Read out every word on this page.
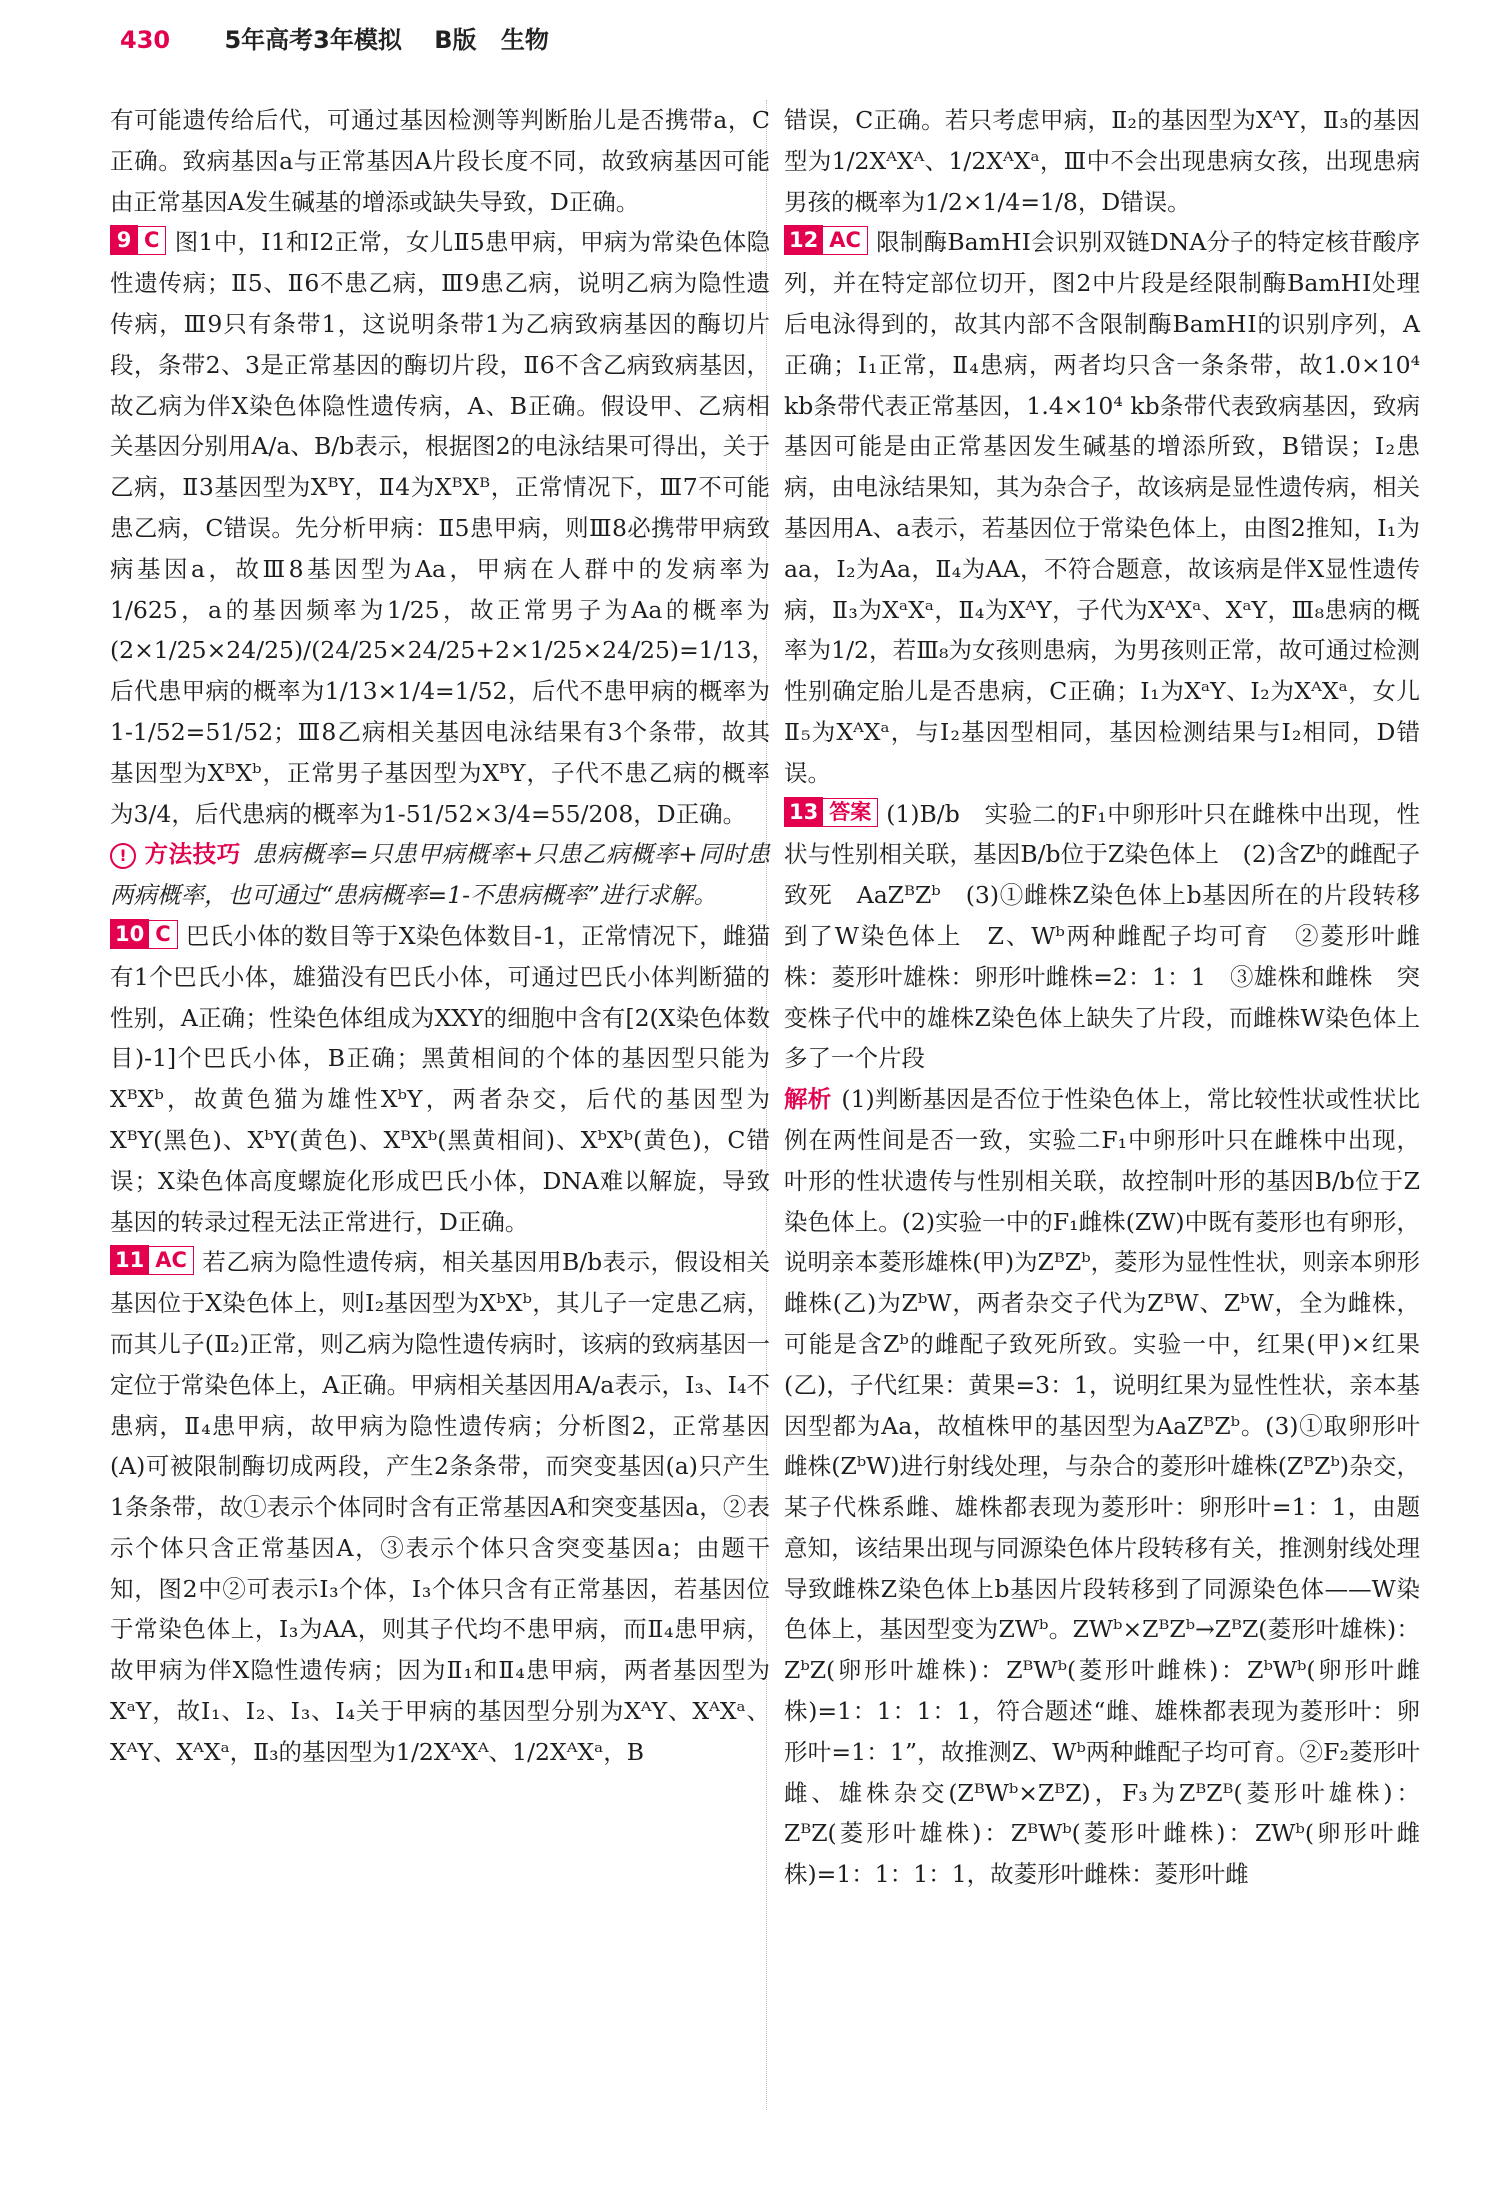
430 5年高考3年模拟 B版 生物

有可能遗传给后代，可通过基因检测等判断胎儿是否携带a，C正确。致病基因a与正常基因A片段长度不同，故致病基因可能由正常基因A发生碱基的增添或缺失导致，D正确。

9 C 图1中，Ⅰ1和Ⅰ2正常，女儿Ⅱ5患甲病，甲病为常染色体隐性遗传病；Ⅱ5、Ⅱ6不患乙病，Ⅲ9患乙病，说明乙病为隐性遗传病，Ⅲ9只有条带1，这说明条带1为乙病致病基因的酶切片段，条带2、3是正常基因的酶切片段，Ⅱ6不含乙病致病基因，故乙病为伴X染色体隐性遗传病，A、B正确。假设甲、乙病相关基因分别用A/a、B/b表示，根据图2的电泳结果可得出，关于乙病，Ⅱ3基因型为XᴮY，Ⅱ4为XᴮXᴮ，正常情况下，Ⅲ7不可能患乙病，C错误。先分析甲病：Ⅱ5患甲病，则Ⅲ8必携带甲病致病基因a，故Ⅲ8基因型为Aa，甲病在人群中的发病率为1/625，a的基因频率为1/25，故正常男子为Aa的概率为(2×1/25×24/25)/(24/25×24/25+2×1/25×24/25)=1/13，后代患甲病的概率为1/13×1/4=1/52，后代不患甲病的概率为1-1/52=51/52；Ⅲ8乙病相关基因电泳结果有3个条带，故其基因型为XᴮXᵇ，正常男子基因型为XᴮY，子代不患乙病的概率为3/4，后代患病的概率为1-51/52×3/4=55/208，D正确。

! 方法技巧 患病概率=只患甲病概率+只患乙病概率+同时患两病概率，也可通过“患病概率=1-不患病概率”进行求解。

10 C 巴氏小体的数目等于X染色体数目-1，正常情况下，雌猫有1个巴氏小体，雄猫没有巴氏小体，可通过巴氏小体判断猫的性别，A正确；性染色体组成为XXY的细胞中含有[2(X染色体数目)-1]个巴氏小体，B正确；黑黄相间的个体的基因型只能为XᴮXᵇ，故黄色猫为雄性XᵇY，两者杂交，后代的基因型为XᴮY(黑色)、XᵇY(黄色)、XᴮXᵇ(黑黄相间)、XᵇXᵇ(黄色)，C错误；X染色体高度螺旋化形成巴氏小体，DNA难以解旋，导致基因的转录过程无法正常进行，D正确。

11 AC 若乙病为隐性遗传病，相关基因用B/b表示，假设相关基因位于X染色体上，则Ⅰ₂基因型为XᵇXᵇ，其儿子一定患乙病，而其儿子(Ⅱ₂)正常，则乙病为隐性遗传病时，该病的致病基因一定位于常染色体上，A正确。甲病相关基因用A/a表示，Ⅰ₃、Ⅰ₄不患病，Ⅱ₄患甲病，故甲病为隐性遗传病；分析图2，正常基因(A)可被限制酶切成两段，产生2条条带，而突变基因(a)只产生1条条带，故①表示个体同时含有正常基因A和突变基因a，②表示个体只含正常基因A，③表示个体只含突变基因a；由题干知，图2中②可表示Ⅰ₃个体，Ⅰ₃个体只含有正常基因，若基因位于常染色体上，Ⅰ₃为AA，则其子代均不患甲病，而Ⅱ₄患甲病，故甲病为伴X隐性遗传病；因为Ⅱ₁和Ⅱ₄患甲病，两者基因型为XᵃY，故Ⅰ₁、Ⅰ₂、Ⅰ₃、Ⅰ₄关于甲病的基因型分别为XᴬY、XᴬXᵃ、XᴬY、XᴬXᵃ，Ⅱ₃的基因型为1/2XᴬXᴬ、1/2XᴬXᵃ，B

错误，C正确。若只考虑甲病，Ⅱ₂的基因型为XᴬY，Ⅱ₃的基因型为1/2XᴬXᴬ、1/2XᴬXᵃ，Ⅲ中不会出现患病女孩，出现患病男孩的概率为1/2×1/4=1/8，D错误。

12 AC 限制酶BamHⅠ会识别双链DNA分子的特定核苷酸序列，并在特定部位切开，图2中片段是经限制酶BamHⅠ处理后电泳得到的，故其内部不含限制酶BamHⅠ的识别序列，A正确；Ⅰ₁正常，Ⅱ₄患病，两者均只含一条条带，故1.0×10⁴ kb条带代表正常基因，1.4×10⁴ kb条带代表致病基因，致病基因可能是由正常基因发生碱基的增添所致，B错误；Ⅰ₂患病，由电泳结果知，其为杂合子，故该病是显性遗传病，相关基因用A、a表示，若基因位于常染色体上，由图2推知，Ⅰ₁为aa，Ⅰ₂为Aa，Ⅱ₄为AA，不符合题意，故该病是伴X显性遗传病，Ⅱ₃为XᵃXᵃ，Ⅱ₄为XᴬY，子代为XᴬXᵃ、XᵃY，Ⅲ₈患病的概率为1/2，若Ⅲ₈为女孩则患病，为男孩则正常，故可通过检测性别确定胎儿是否患病，C正确；Ⅰ₁为XᵃY、Ⅰ₂为XᴬXᵃ，女儿Ⅱ₅为XᴬXᵃ，与Ⅰ₂基因型相同，基因检测结果与Ⅰ₂相同，D错误。

13 答案 (1)B/b　实验二的F₁中卵形叶只在雌株中出现，性状与性别相关联，基因B/b位于Z染色体上　(2)含Zᵇ的雌配子致死　AaZᴮZᵇ　(3)①雌株Z染色体上b基因所在的片段转移到了W染色体上　Z、Wᵇ两种雌配子均可育　②菱形叶雌株：菱形叶雄株：卵形叶雌株=2：1：1　③雄株和雌株　突变株子代中的雄株Z染色体上缺失了片段，而雌株W染色体上多了一个片段

解析 (1)判断基因是否位于性染色体上，常比较性状或性状比例在两性间是否一致，实验二F₁中卵形叶只在雌株中出现，叶形的性状遗传与性别相关联，故控制叶形的基因B/b位于Z染色体上。(2)实验一中的F₁雌株(ZW)中既有菱形也有卵形，说明亲本菱形雄株(甲)为ZᴮZᵇ，菱形为显性性状，则亲本卵形雌株(乙)为ZᵇW，两者杂交子代为ZᴮW、ZᵇW，全为雌株，可能是含Zᵇ的雌配子致死所致。实验一中，红果(甲)×红果(乙)，子代红果：黄果=3：1，说明红果为显性性状，亲本基因型都为Aa，故植株甲的基因型为AaZᴮZᵇ。(3)①取卵形叶雌株(ZᵇW)进行射线处理，与杂合的菱形叶雄株(ZᴮZᵇ)杂交，某子代株系雌、雄株都表现为菱形叶：卵形叶=1：1，由题意知，该结果出现与同源染色体片段转移有关，推测射线处理导致雌株Z染色体上b基因片段转移到了同源染色体——W染色体上，基因型变为ZWᵇ。ZWᵇ×ZᴮZᵇ→ZᴮZ(菱形叶雄株)：ZᵇZ(卵形叶雄株)：ZᴮWᵇ(菱形叶雌株)：ZᵇWᵇ(卵形叶雌株)=1：1：1：1，符合题述“雌、雄株都表现为菱形叶：卵形叶=1：1”，故推测Z、Wᵇ两种雌配子均可育。②F₂菱形叶雌、雄株杂交(ZᴮWᵇ×ZᴮZ)，F₃为ZᴮZᴮ(菱形叶雄株)：ZᴮZ(菱形叶雄株)：ZᴮWᵇ(菱形叶雌株)：ZWᵇ(卵形叶雌株)=1：1：1：1，故菱形叶雌株：菱形叶雌
